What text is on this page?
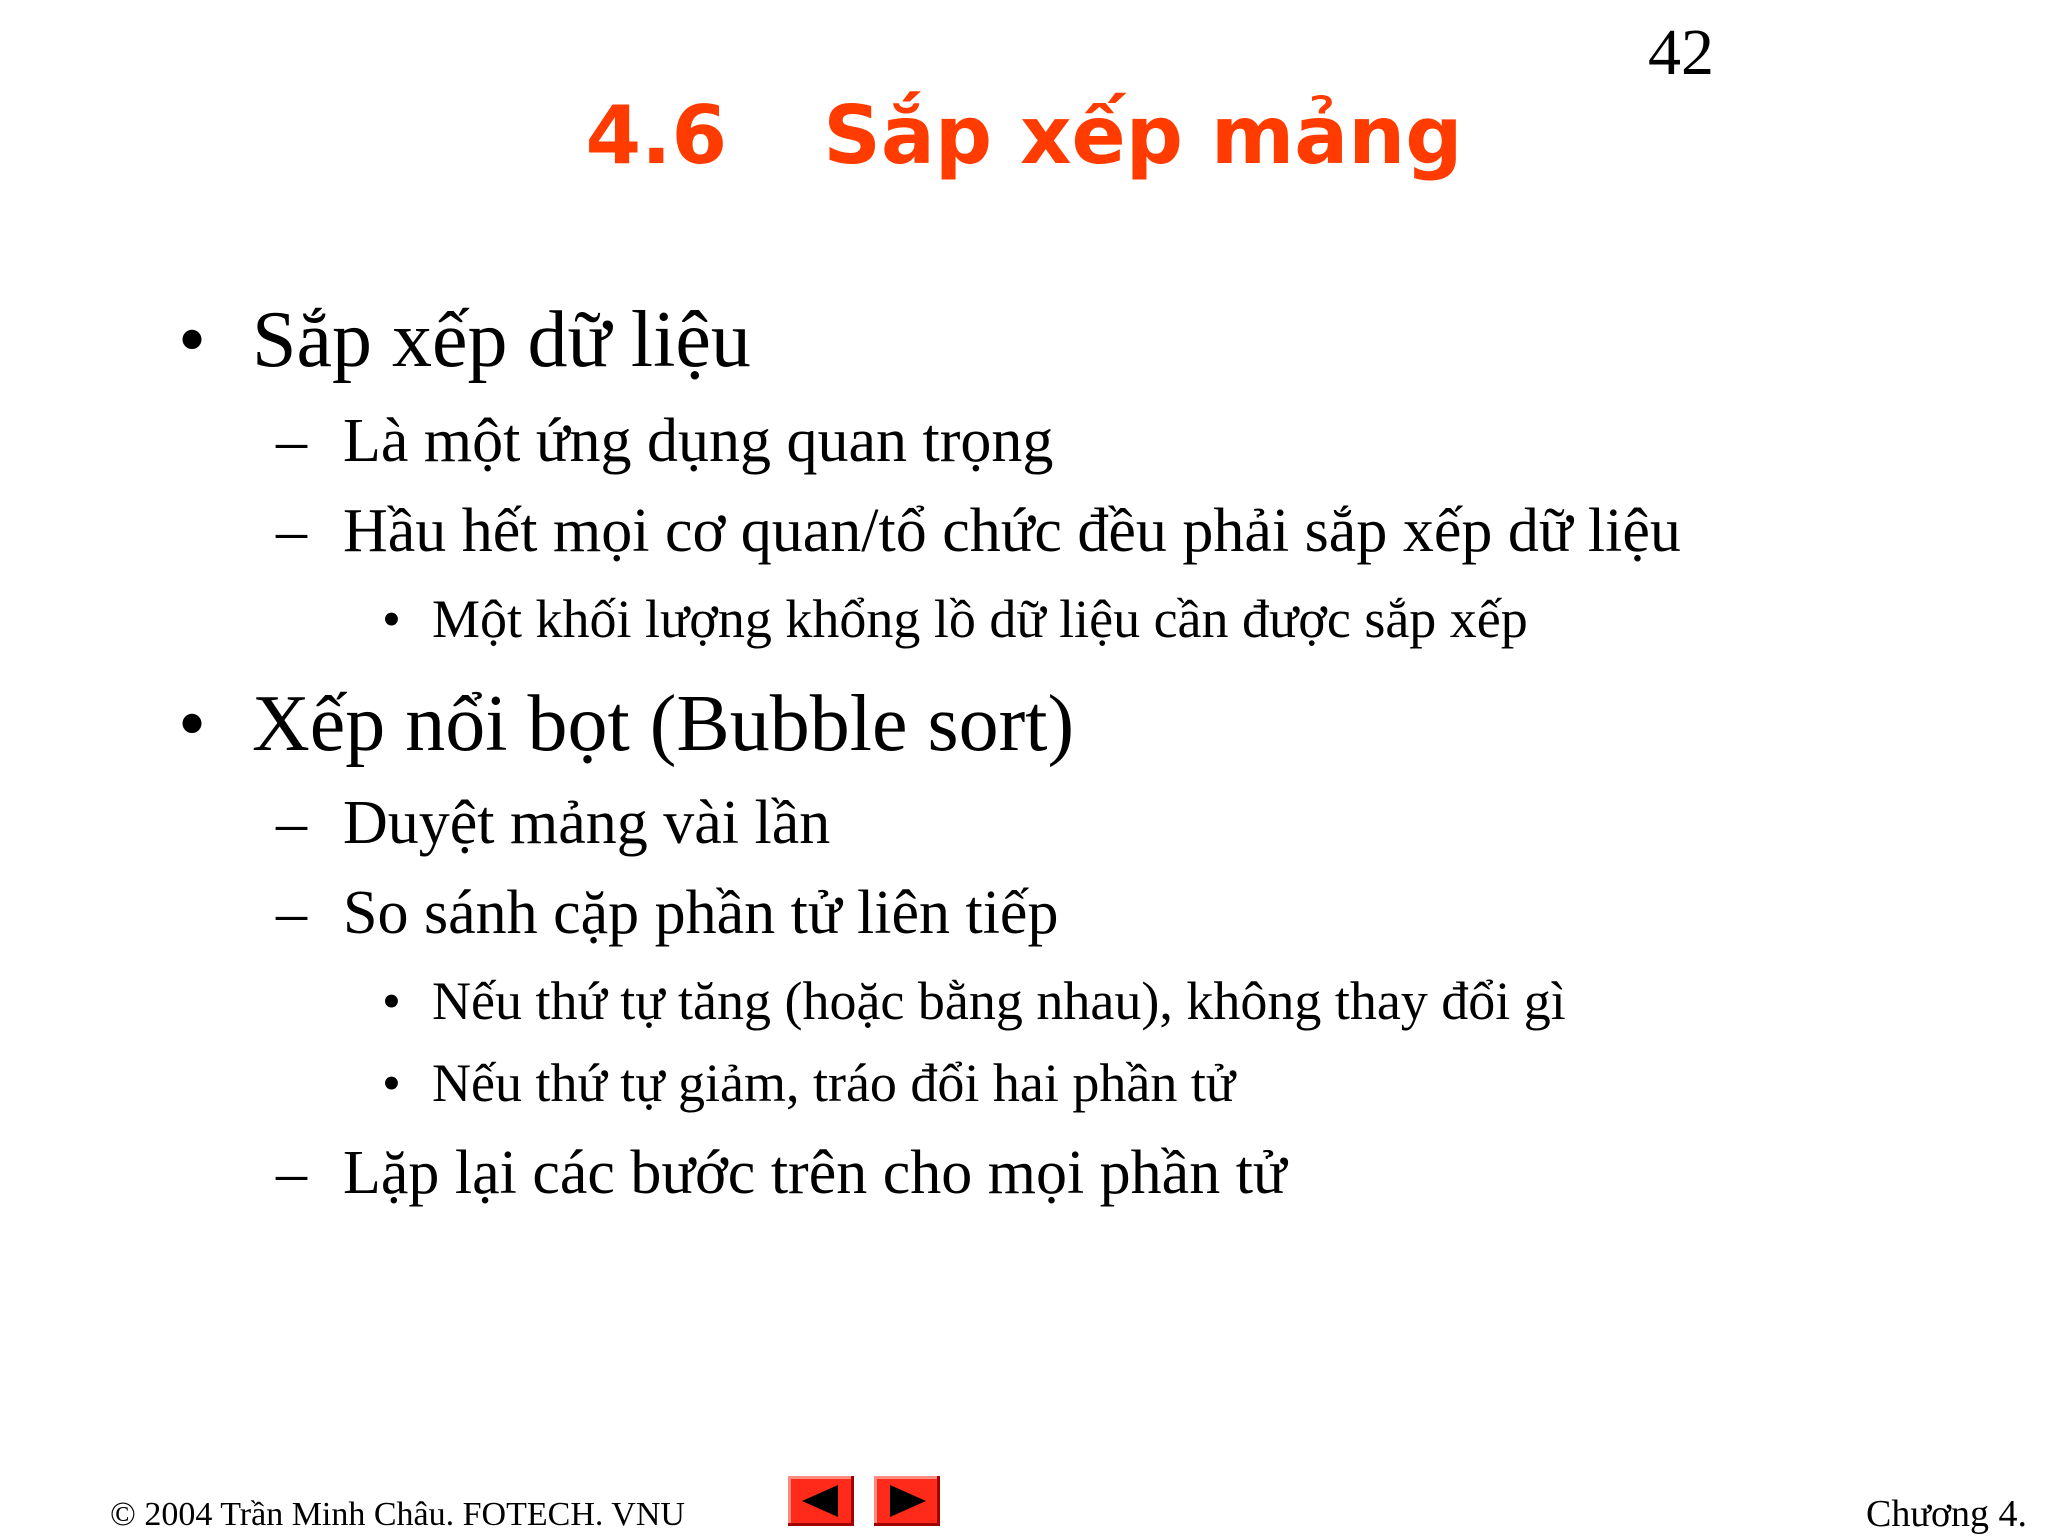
42
4.6 Sắp xếp mảng
• Sắp xếp dữ liệu
– Là một ứng dụng quan trọng
– Hầu hết mọi cơ quan/tổ chức đều phải sắp xếp dữ liệu
• Một khối lượng khổng lồ dữ liệu cần được sắp xếp
• Xếp nổi bọt (Bubble sort)
– Duyệt mảng vài lần
– So sánh cặp phần tử liên tiếp
• Nếu thứ tự tăng (hoặc bằng nhau), không thay đổi gì
• Nếu thứ tự giảm, tráo đổi hai phần tử
– Lặp lại các bước trên cho mọi phần tử
© 2004 Trần Minh Châu. FOTECH. VNU	Chương 4.
